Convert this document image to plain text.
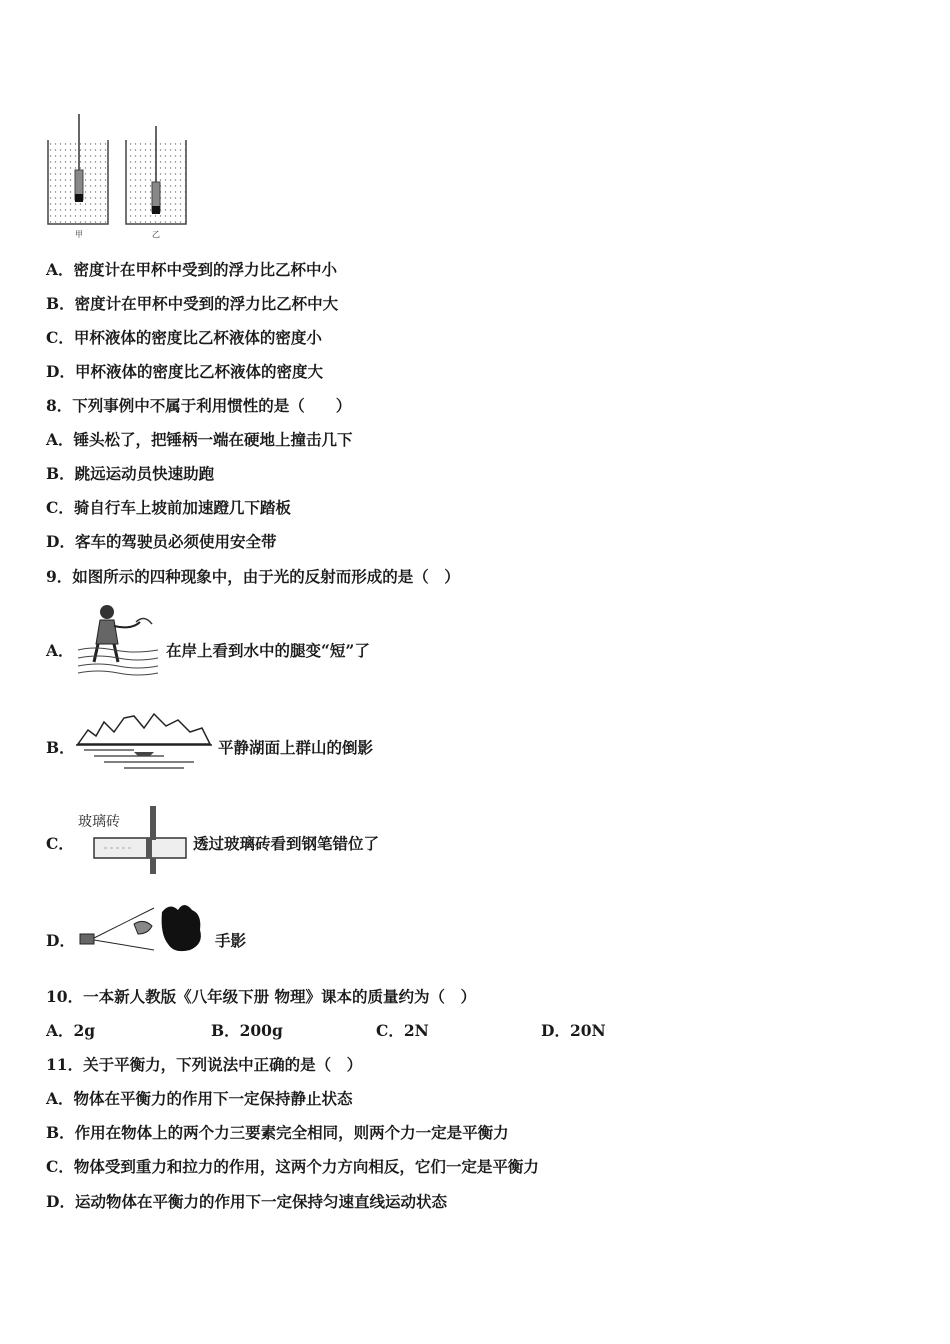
甲	乙
A．密度计在甲杯中受到的浮力比乙杯中小
B．密度计在甲杯中受到的浮力比乙杯中大
C．甲杯液体的密度比乙杯液体的密度小
D．甲杯液体的密度比乙杯液体的密度大
8．下列事例中不属于利用惯性的是（　　）
A．锤头松了，把锤柄一端在硬地上撞击几下
B．跳远运动员快速助跑
C．骑自行车上坡前加速蹬几下踏板
D．客车的驾驶员必须使用安全带
9．如图所示的四种现象中，由于光的反射而形成的是（　）
A．	在岸上看到水中的腿变“短”了
B．	平静湖面上群山的倒影
C．
玻璃砖
透过玻璃砖看到钢笔错位了
D．	手影
10．一本新人教版《八年级下册 物理》课本的质量约为（　）
A．2g	B．200g	C．2N	D．20N
11．关于平衡力，下列说法中正确的是（　）
A．物体在平衡力的作用下一定保持静止状态
B．作用在物体上的两个力三要素完全相同，则两个力一定是平衡力
C．物体受到重力和拉力的作用，这两个力方向相反，它们一定是平衡力
D．运动物体在平衡力的作用下一定保持匀速直线运动状态
